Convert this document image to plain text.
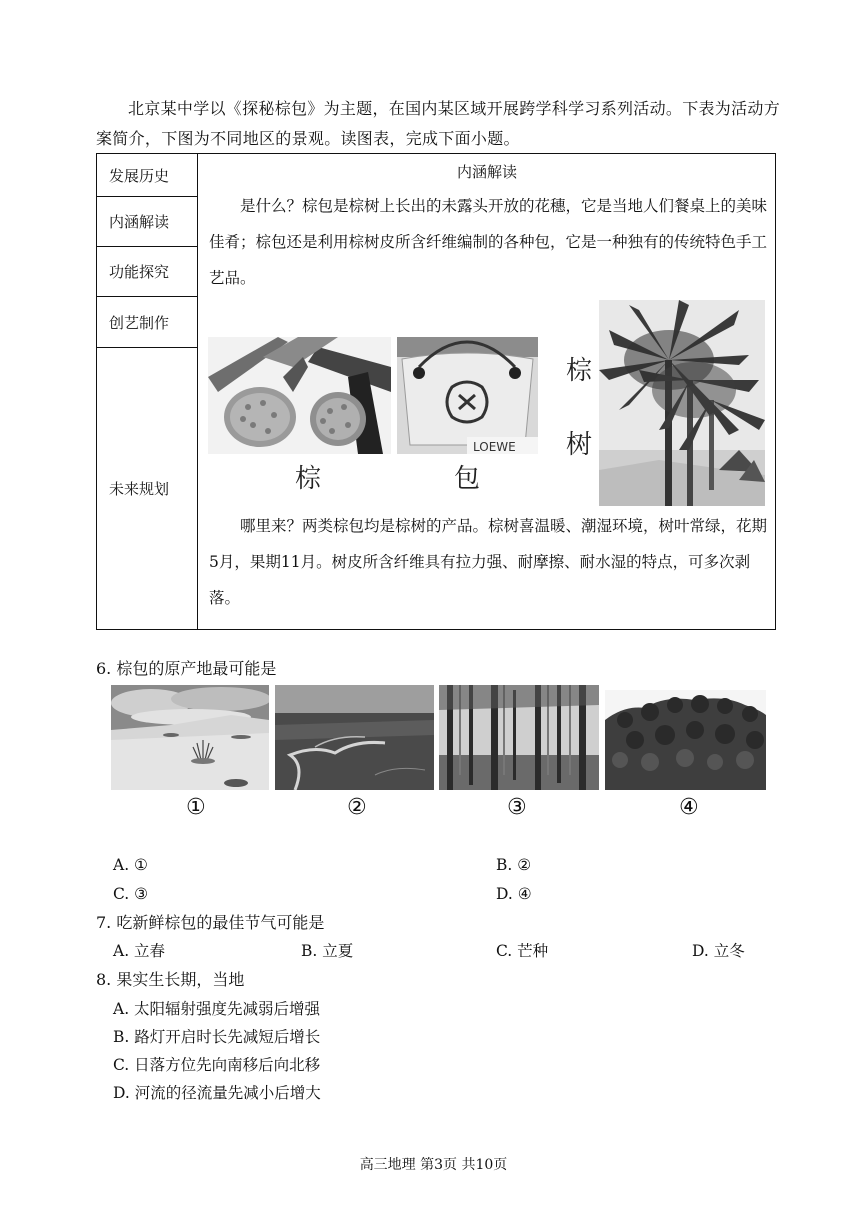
北京某中学以《探秘棕包》为主题，在国内某区域开展跨学科学习系列活动。下表为活动方案简介，下图为不同地区的景观。读图表，完成下面小题。
发展历史
内涵解读
功能探究
创艺制作
未来规划
内涵解读
是什么？棕包是棕树上长出的未露头开放的花穗，它是当地人们餐桌上的美味佳肴；棕包还是利用棕树皮所含纤维编制的各种包，它是一种独有的传统特色手工艺品。
LOEWE
棕	包
棕
树
哪里来？两类棕包均是棕树的产品。棕树喜温暖、潮湿环境，树叶常绿，花期5月，果期11月。树皮所含纤维具有拉力强、耐摩擦、耐水湿的特点，可多次剥落。
6. 棕包的原产地最可能是
①	②	③	④
A. ①	B. ②
C. ③	D. ④
7. 吃新鲜棕包的最佳节气可能是
A. 立春	B. 立夏	C. 芒种	D. 立冬
8. 果实生长期，当地
A. 太阳辐射强度先减弱后增强
B. 路灯开启时长先减短后增长
C. 日落方位先向南移后向北移
D. 河流的径流量先减小后增大
高三地理 第3页 共10页
